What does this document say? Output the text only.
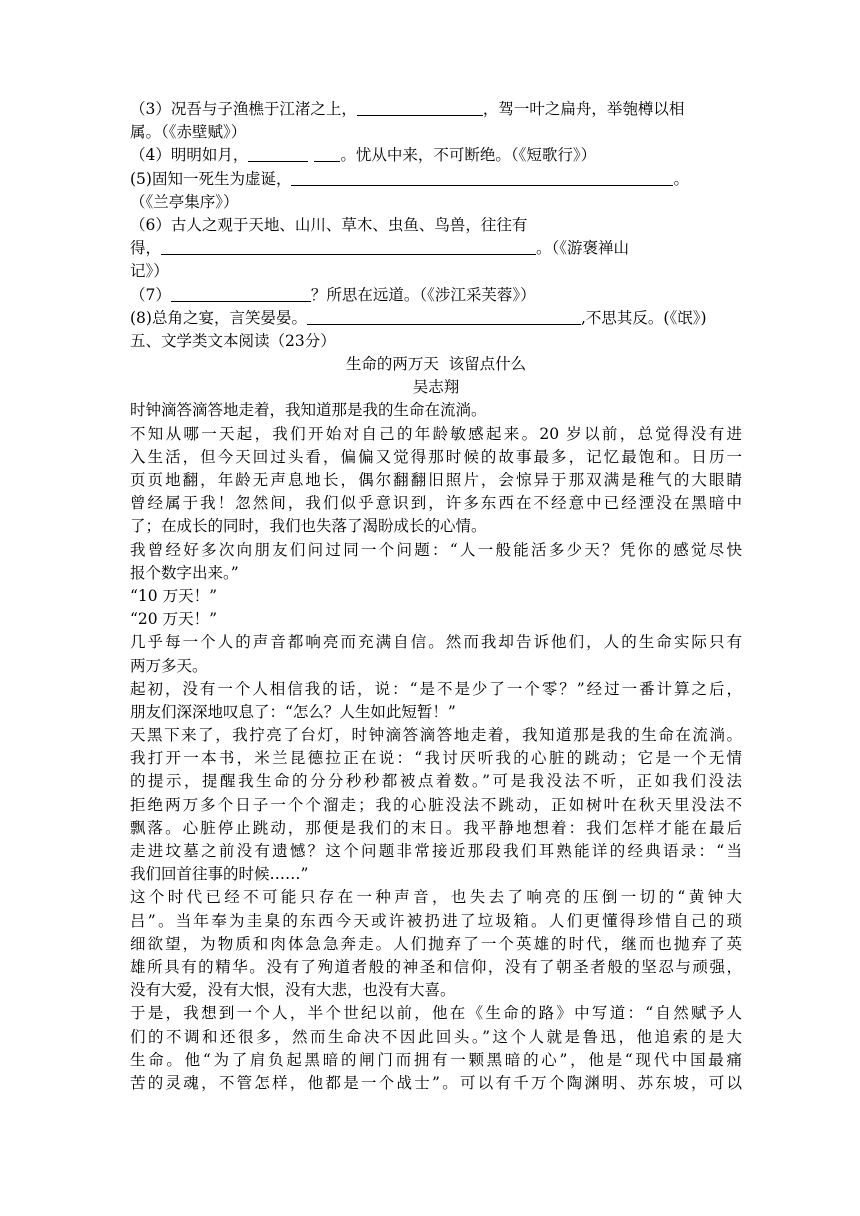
（3）况吾与子渔樵于江渚之上，	，驾一叶之扁舟，举匏樽以相
属。（《赤壁赋》）
（4）明明如月，	。忧从中来，不可断绝。（《短歌行》）
(5)固知一死生为虚诞，	。
（《兰亭集序》）
（6）古人之观于天地、山川、草木、虫鱼、鸟兽，往往有
得，	。（《游褒禅山
记》）
（7）	？所思在远道。（《涉江采芙蓉》）
(8)总角之宴，言笑晏晏。	,不思其反。(《氓》)
五、文学类文本阅读（23分）
生命的两万天  该留点什么
吴志翔
时钟滴答滴答地走着，我知道那是我的生命在流淌。
不知从哪一天起，我们开始对自己的年龄敏感起来。20 岁以前，总觉得没有进
入生活，但今天回过头看，偏偏又觉得那时候的故事最多，记忆最饱和。日历一
页页地翻，年龄无声息地长，偶尔翻翻旧照片，会惊异于那双满是稚气的大眼睛
曾经属于我！忽然间，我们似乎意识到，许多东西在不经意中已经湮没在黑暗中
了；在成长的同时，我们也失落了渴盼成长的心情。
我曾经好多次向朋友们问过同一个问题：“人一般能活多少天？凭你的感觉尽快
报个数字出来。”
“10 万天！”
“20 万天！”
几乎每一个人的声音都响亮而充满自信。然而我却告诉他们，人的生命实际只有
两万多天。
起初，没有一个人相信我的话，说：“是不是少了一个零？”经过一番计算之后，
朋友们深深地叹息了：“怎么？人生如此短暂！”
天黑下来了，我拧亮了台灯，时钟滴答滴答地走着，我知道那是我的生命在流淌。
我打开一本书，米兰昆德拉正在说：“我讨厌听我的心脏的跳动；它是一个无情
的提示，提醒我生命的分分秒秒都被点着数。”可是我没法不听，正如我们没法
拒绝两万多个日子一个个溜走；我的心脏没法不跳动，正如树叶在秋天里没法不
飘落。心脏停止跳动，那便是我们的末日。我平静地想着：我们怎样才能在最后
走进坟墓之前没有遗憾？这个问题非常接近那段我们耳熟能详的经典语录：“当
我们回首往事的时候……”
这个时代已经不可能只存在一种声音，也失去了响亮的压倒一切的“黄钟大
吕”。当年奉为圭臬的东西今天或许被扔进了垃圾箱。人们更懂得珍惜自己的琐
细欲望，为物质和肉体急急奔走。人们抛弃了一个英雄的时代，继而也抛弃了英
雄所具有的精华。没有了殉道者般的神圣和信仰，没有了朝圣者般的坚忍与顽强，
没有大爱，没有大恨，没有大悲，也没有大喜。
于是，我想到一个人，半个世纪以前，他在《生命的路》中写道：“自然赋予人
们的不调和还很多，然而生命决不因此回头。”这个人就是鲁迅，他追索的是大
生命。他“为了肩负起黑暗的闸门而拥有一颗黑暗的心”，他是“现代中国最痛
苦的灵魂，不管怎样，他都是一个战士”。可以有千万个陶渊明、苏东坡，可以
